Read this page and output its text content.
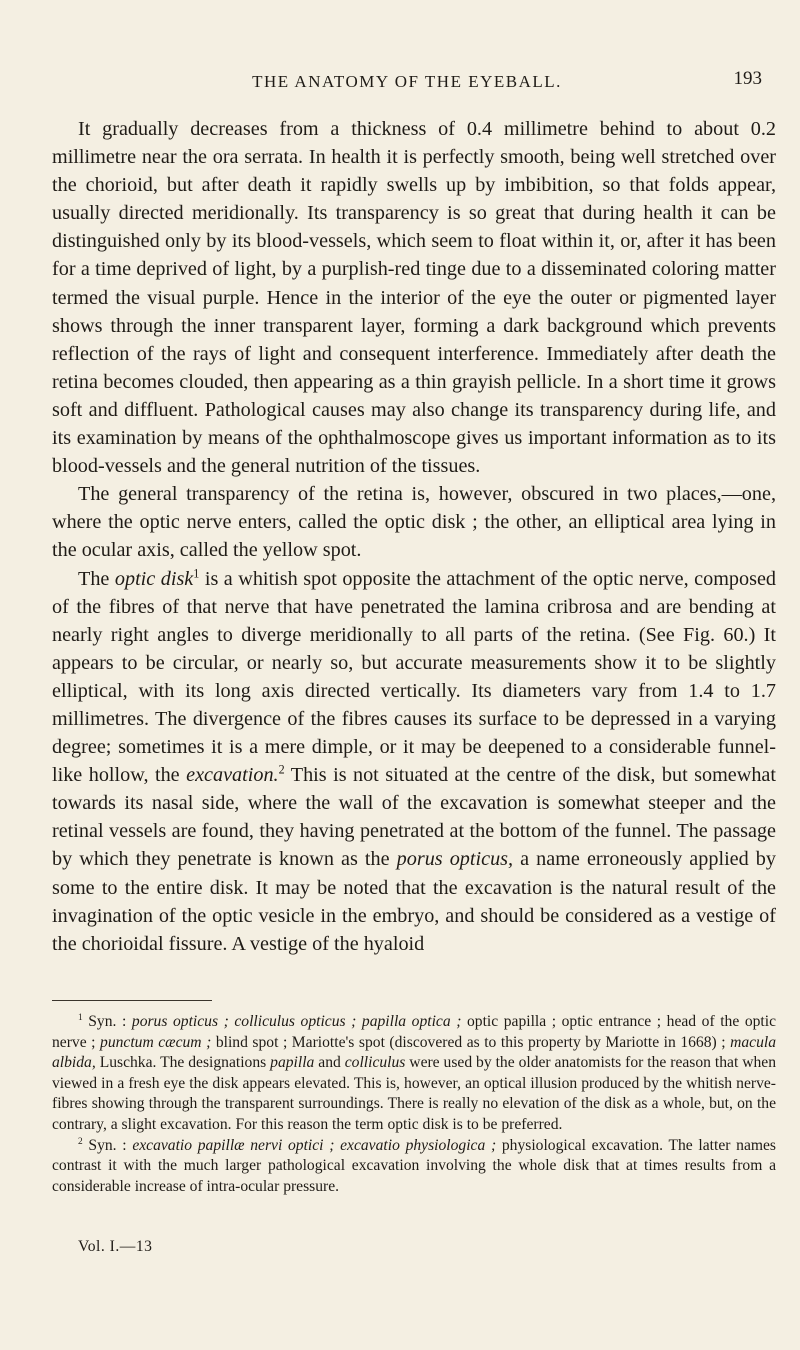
THE ANATOMY OF THE EYEBALL.	193

It gradually decreases from a thickness of 0.4 millimetre behind to about 0.2 millimetre near the ora serrata. In health it is perfectly smooth, being well stretched over the chorioid, but after death it rapidly swells up by imbibition, so that folds appear, usually directed meridionally. Its transparency is so great that during health it can be distinguished only by its blood-vessels, which seem to float within it, or, after it has been for a time deprived of light, by a purplish-red tinge due to a disseminated coloring matter termed the visual purple. Hence in the interior of the eye the outer or pigmented layer shows through the inner transparent layer, forming a dark background which prevents reflection of the rays of light and consequent interference. Immediately after death the retina becomes clouded, then appearing as a thin grayish pellicle. In a short time it grows soft and diffluent. Pathological causes may also change its transparency during life, and its examination by means of the ophthalmoscope gives us important information as to its blood-vessels and the general nutrition of the tissues.

The general transparency of the retina is, however, obscured in two places,—one, where the optic nerve enters, called the optic disk ; the other, an elliptical area lying in the ocular axis, called the yellow spot.

The optic disk$^1$ is a whitish spot opposite the attachment of the optic nerve, composed of the fibres of that nerve that have penetrated the lamina cribrosa and are bending at nearly right angles to diverge meridionally to all parts of the retina. (See Fig. 60.) It appears to be circular, or nearly so, but accurate measurements show it to be slightly elliptical, with its long axis directed vertically. Its diameters vary from 1.4 to 1.7 millimetres. The divergence of the fibres causes its surface to be depressed in a varying degree; sometimes it is a mere dimple, or it may be deepened to a considerable funnel-like hollow, the excavation.$^2$ This is not situated at the centre of the disk, but somewhat towards its nasal side, where the wall of the excavation is somewhat steeper and the retinal vessels are found, they having penetrated at the bottom of the funnel. The passage by which they penetrate is known as the porus opticus, a name erroneously applied by some to the entire disk. It may be noted that the excavation is the natural result of the invagination of the optic vesicle in the embryo, and should be considered as a vestige of the chorioidal fissure. A vestige of the hyaloid

$^1$ Syn. : porus opticus ; colliculus opticus ; papilla optica ; optic papilla ; optic entrance ; head of the optic nerve ; punctum cæcum ; blind spot ; Mariotte's spot (discovered as to this property by Mariotte in 1668) ; macula albida, Luschka. The designations papilla and colliculus were used by the older anatomists for the reason that when viewed in a fresh eye the disk appears elevated. This is, however, an optical illusion produced by the whitish nerve-fibres showing through the transparent surroundings. There is really no elevation of the disk as a whole, but, on the contrary, a slight excavation. For this reason the term optic disk is to be preferred.

$^2$ Syn. : excavatio papillæ nervi optici ; excavatio physiologica ; physiological excavation. The latter names contrast it with the much larger pathological excavation involving the whole disk that at times results from a considerable increase of intra-ocular pressure.

Vol. I.—13
